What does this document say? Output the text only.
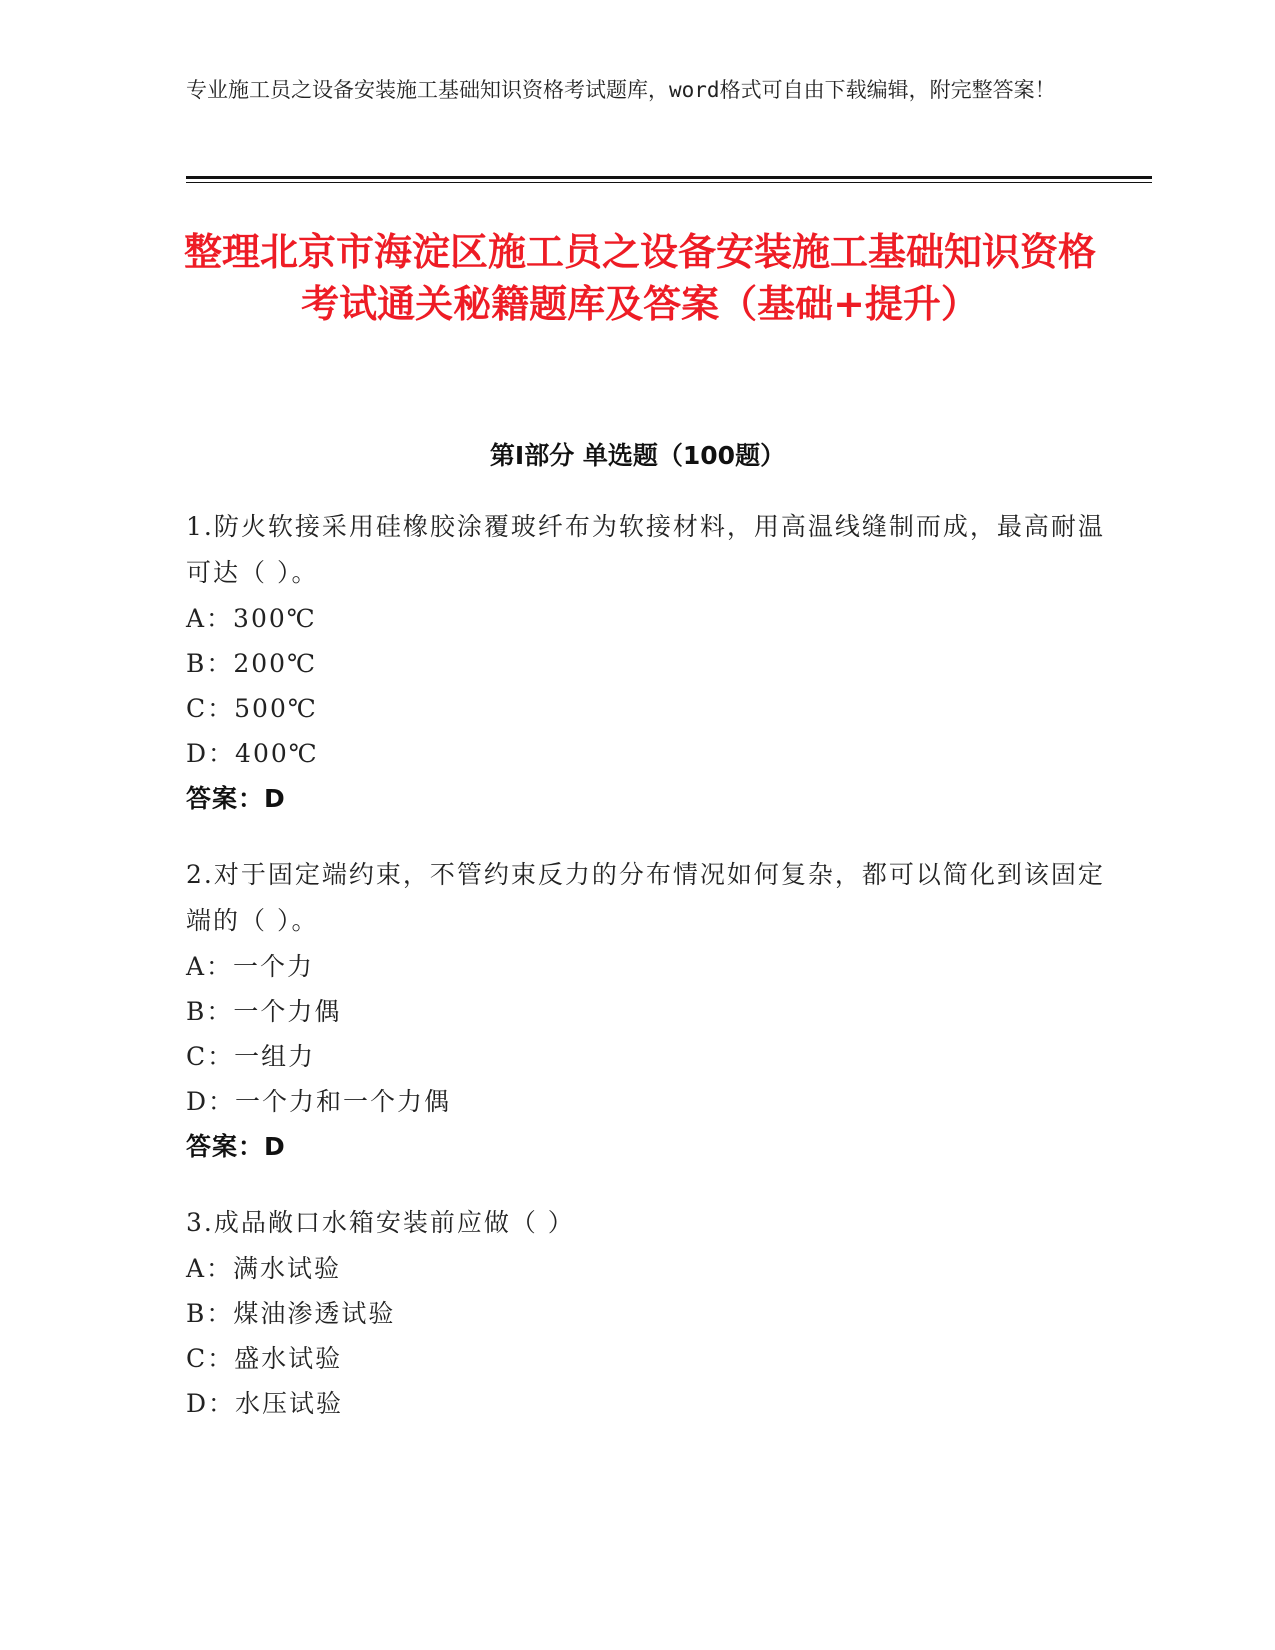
专业施工员之设备安装施工基础知识资格考试题库，word格式可自由下载编辑，附完整答案！
整理北京市海淀区施工员之设备安装施工基础知识资格考试通关秘籍题库及答案（基础+提升）
第Ⅰ部分 单选题（100题）
1.防火软接采用硅橡胶涂覆玻纤布为软接材料，用高温线缝制而成，最高耐温可达（ ）。
A：300℃
B：200℃
C：500℃
D：400℃
答案：D
2.对于固定端约束，不管约束反力的分布情况如何复杂，都可以简化到该固定端的（ ）。
A：一个力
B：一个力偶
C：一组力
D：一个力和一个力偶
答案：D
3.成品敞口水箱安装前应做（ ）
A：满水试验
B：煤油渗透试验
C：盛水试验
D：水压试验
